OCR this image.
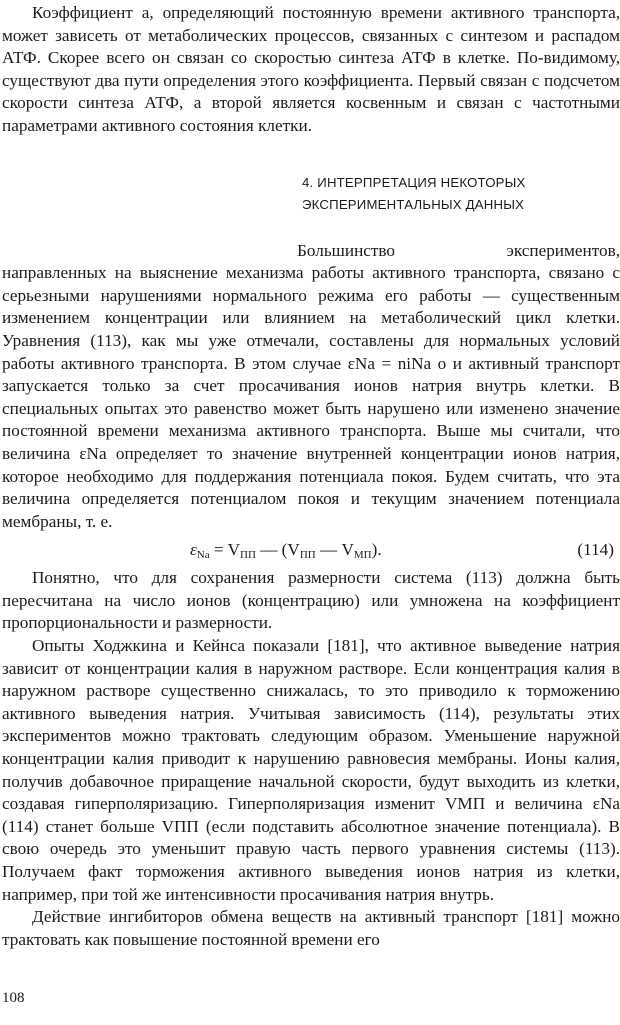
Коэффициент a, определяющий постоянную времени активного транспорта, может зависеть от метаболических процессов, связанных с синтезом и распадом АТФ. Скорее всего он связан со скоростью синтеза АТФ в клетке. По-видимому, существуют два пути определения этого коэффициента. Первый связан с подсчетом скорости синтеза АТФ, а второй является косвенным и связан с частотными параметрами активного состояния клетки.

4. ИНТЕРПРЕТАЦИЯ НЕКОТОРЫХ
ЭКСПЕРИМЕНТАЛЬНЫХ ДАННЫХ

Большинство экспериментов, направленных на выяснение механизма работы активного транспорта, связано с серьезными нарушениями нормального режима его работы — существенным изменением концентрации или влиянием на метаболический цикл клетки. Уравнения (113), как мы уже отмечали, составлены для нормальных условий работы активного транспорта. В этом случае εNa = niNa o и активный транспорт запускается только за счет просачивания ионов натрия внутрь клетки. В специальных опытах это равенство может быть нарушено или изменено значение постоянной времени механизма активного транспорта. Выше мы считали, что величина εNa определяет то значение внутренней концентрации ионов натрия, которое необходимо для поддержания потенциала покоя. Будем считать, что эта величина определяется потенциалом покоя и текущим значением потенциала мембраны, т. е.

$\varepsilon_{Na} = V_{ПП}$ — ($V_{ПП}$ — $V_{МП}$).	(114)

Понятно, что для сохранения размерности система (113) должна быть пересчитана на число ионов (концентрацию) или умножена на коэффициент пропорциональности и размерности.

Опыты Ходжкина и Кейнса показали [181], что активное выведение натрия зависит от концентрации калия в наружном растворе. Если концентрация калия в наружном растворе существенно снижалась, то это приводило к торможению активного выведения натрия. Учитывая зависимость (114), результаты этих экспериментов можно трактовать следующим образом. Уменьшение наружной концентрации калия приводит к нарушению равновесия мембраны. Ионы калия, получив добавочное приращение начальной скорости, будут выходить из клетки, создавая гиперполяризацию. Гиперполяризация изменит VМП и величина εNa (114) станет больше VПП (если подставить абсолютное значение потенциала). В свою очередь это уменьшит правую часть первого уравнения системы (113). Получаем факт торможения активного выведения ионов натрия из клетки, например, при той же интенсивности просачивания натрия внутрь.

Действие ингибиторов обмена веществ на активный транспорт [181] можно трактовать как повышение постоянной времени его

108
